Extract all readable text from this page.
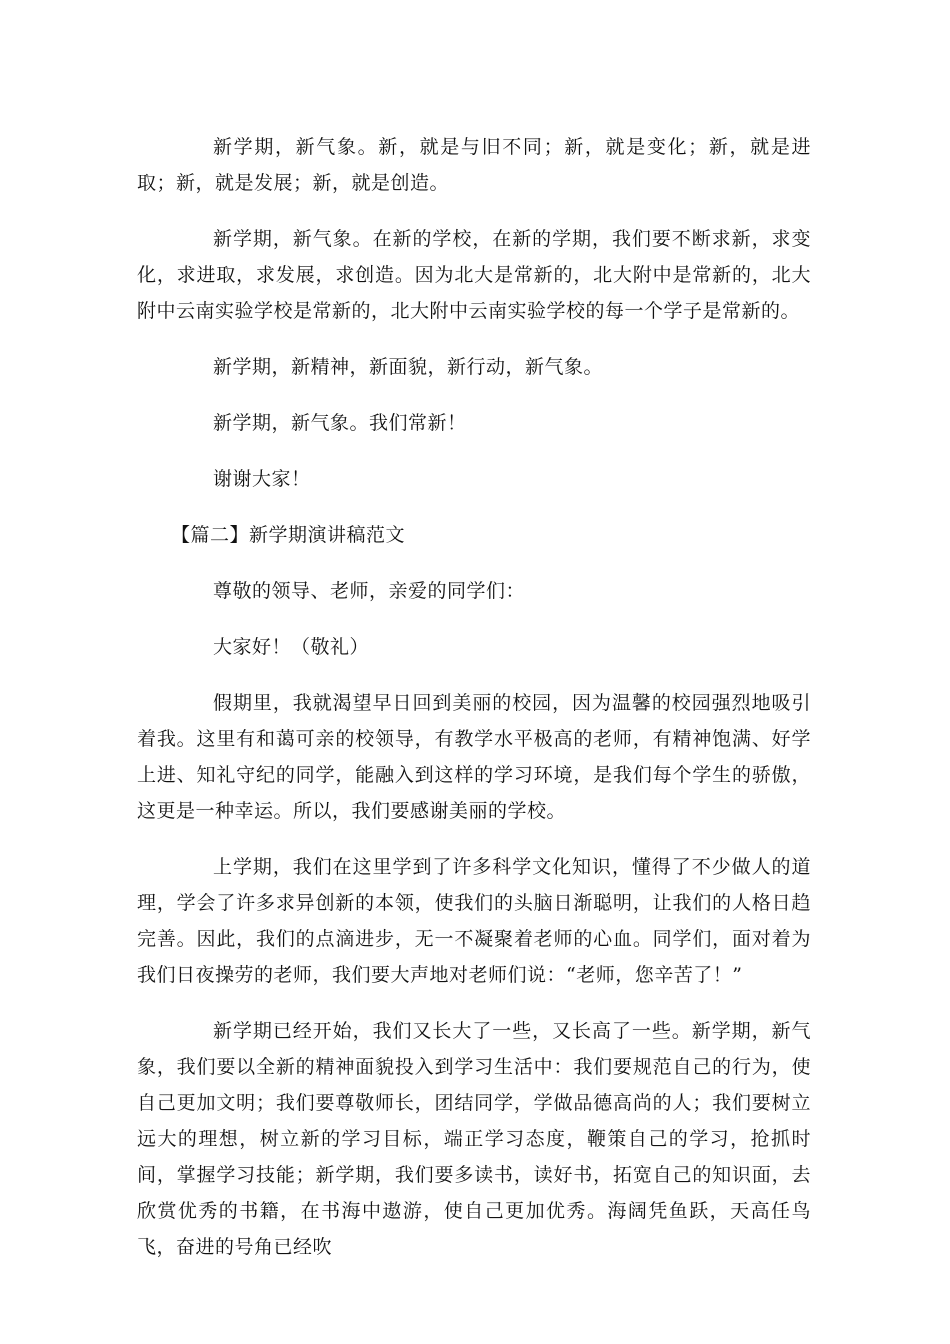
新学期，新气象。新，就是与旧不同；新，就是变化；新，就是进取；新，就是发展；新，就是创造。

新学期，新气象。在新的学校，在新的学期，我们要不断求新，求变化，求进取，求发展，求创造。因为北大是常新的，北大附中是常新的，北大附中云南实验学校是常新的，北大附中云南实验学校的每一个学子是常新的。

新学期，新精神，新面貌，新行动，新气象。

新学期，新气象。我们常新！

谢谢大家！

【篇二】新学期演讲稿范文

尊敬的领导、老师，亲爱的同学们：

大家好！（敬礼）

假期里，我就渴望早日回到美丽的校园，因为温馨的校园强烈地吸引着我。这里有和蔼可亲的校领导，有教学水平极高的老师，有精神饱满、好学上进、知礼守纪的同学，能融入到这样的学习环境，是我们每个学生的骄傲，这更是一种幸运。所以，我们要感谢美丽的学校。

上学期，我们在这里学到了许多科学文化知识，懂得了不少做人的道理，学会了许多求异创新的本领，使我们的头脑日渐聪明，让我们的人格日趋完善。因此，我们的点滴进步，无一不凝聚着老师的心血。同学们，面对着为我们日夜操劳的老师，我们要大声地对老师们说：“老师，您辛苦了！”

新学期已经开始，我们又长大了一些，又长高了一些。新学期，新气象，我们要以全新的精神面貌投入到学习生活中：我们要规范自己的行为，使自己更加文明；我们要尊敬师长，团结同学，学做品德高尚的人；我们要树立远大的理想，树立新的学习目标，端正学习态度，鞭策自己的学习，抢抓时间，掌握学习技能；新学期，我们要多读书，读好书，拓宽自己的知识面，去欣赏优秀的书籍，在书海中遨游，使自己更加优秀。海阔凭鱼跃，天高任鸟飞，奋进的号角已经吹
